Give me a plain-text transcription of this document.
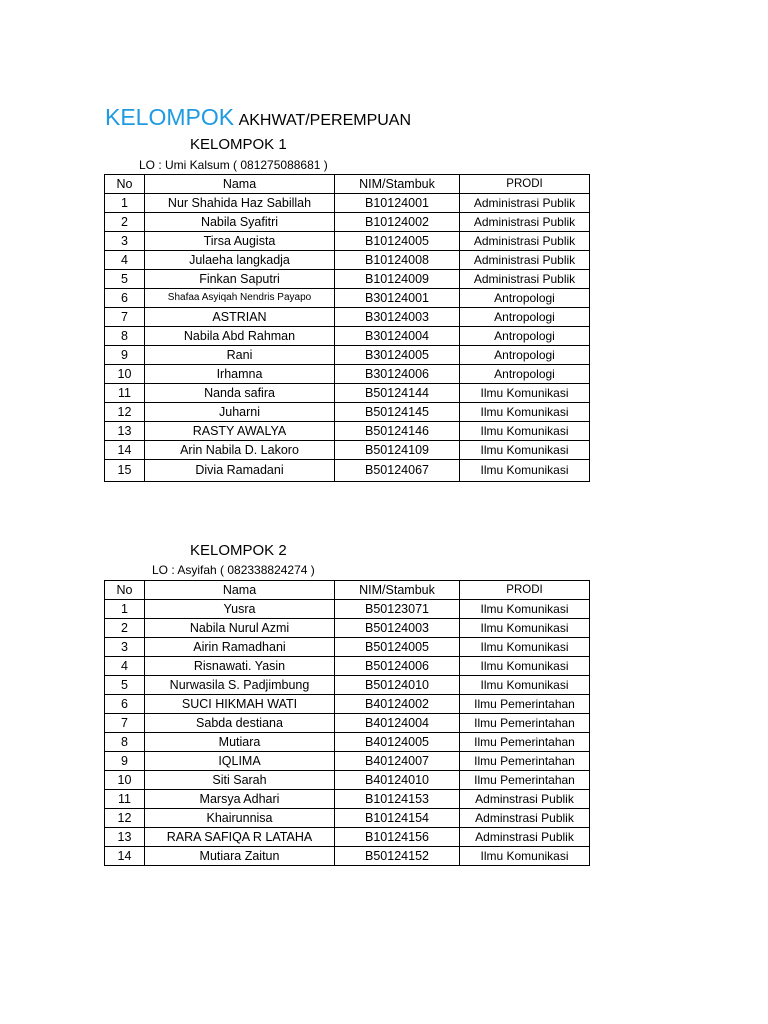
KELOMPOK AKHWAT/PEREMPUAN
KELOMPOK 1
LO : Umi Kalsum ( 081275088681 )
No	Nama	NIM/Stambuk	PRODI
1	Nur Shahida Haz Sabillah	B10124001	Administrasi Publik
2	Nabila Syafitri	B10124002	Administrasi Publik
3	Tirsa Augista	B10124005	Administrasi Publik
4	Julaeha langkadja	B10124008	Administrasi Publik
5	Finkan Saputri	B10124009	Administrasi Publik
6	Shafaa Asyiqah Nendris Payapo	B30124001	Antropologi
7	ASTRIAN	B30124003	Antropologi
8	Nabila Abd Rahman	B30124004	Antropologi
9	Rani	B30124005	Antropologi
10	Irhamna	B30124006	Antropologi
11	Nanda safira	B50124144	Ilmu Komunikasi
12	Juharni	B50124145	Ilmu Komunikasi
13	RASTY AWALYA	B50124146	Ilmu Komunikasi
14	Arin Nabila D. Lakoro	B50124109	Ilmu Komunikasi
15	Divia Ramadani	B50124067	Ilmu Komunikasi
KELOMPOK 2
LO : Asyifah ( 082338824274 )
No	Nama	NIM/Stambuk	PRODI
1	Yusra	B50123071	Ilmu Komunikasi
2	Nabila Nurul Azmi	B50124003	Ilmu Komunikasi
3	Airin Ramadhani	B50124005	Ilmu Komunikasi
4	Risnawati. Yasin	B50124006	Ilmu Komunikasi
5	Nurwasila S. Padjimbung	B50124010	Ilmu Komunikasi
6	SUCI HIKMAH WATI	B40124002	Ilmu Pemerintahan
7	Sabda destiana	B40124004	Ilmu Pemerintahan
8	Mutiara	B40124005	Ilmu Pemerintahan
9	IQLIMA	B40124007	Ilmu Pemerintahan
10	Siti Sarah	B40124010	Ilmu Pemerintahan
11	Marsya Adhari	B10124153	Adminstrasi Publik
12	Khairunnisa	B10124154	Adminstrasi Publik
13	RARA SAFIQA R LATAHA	B10124156	Adminstrasi Publik
14	Mutiara Zaitun	B50124152	Ilmu Komunikasi
